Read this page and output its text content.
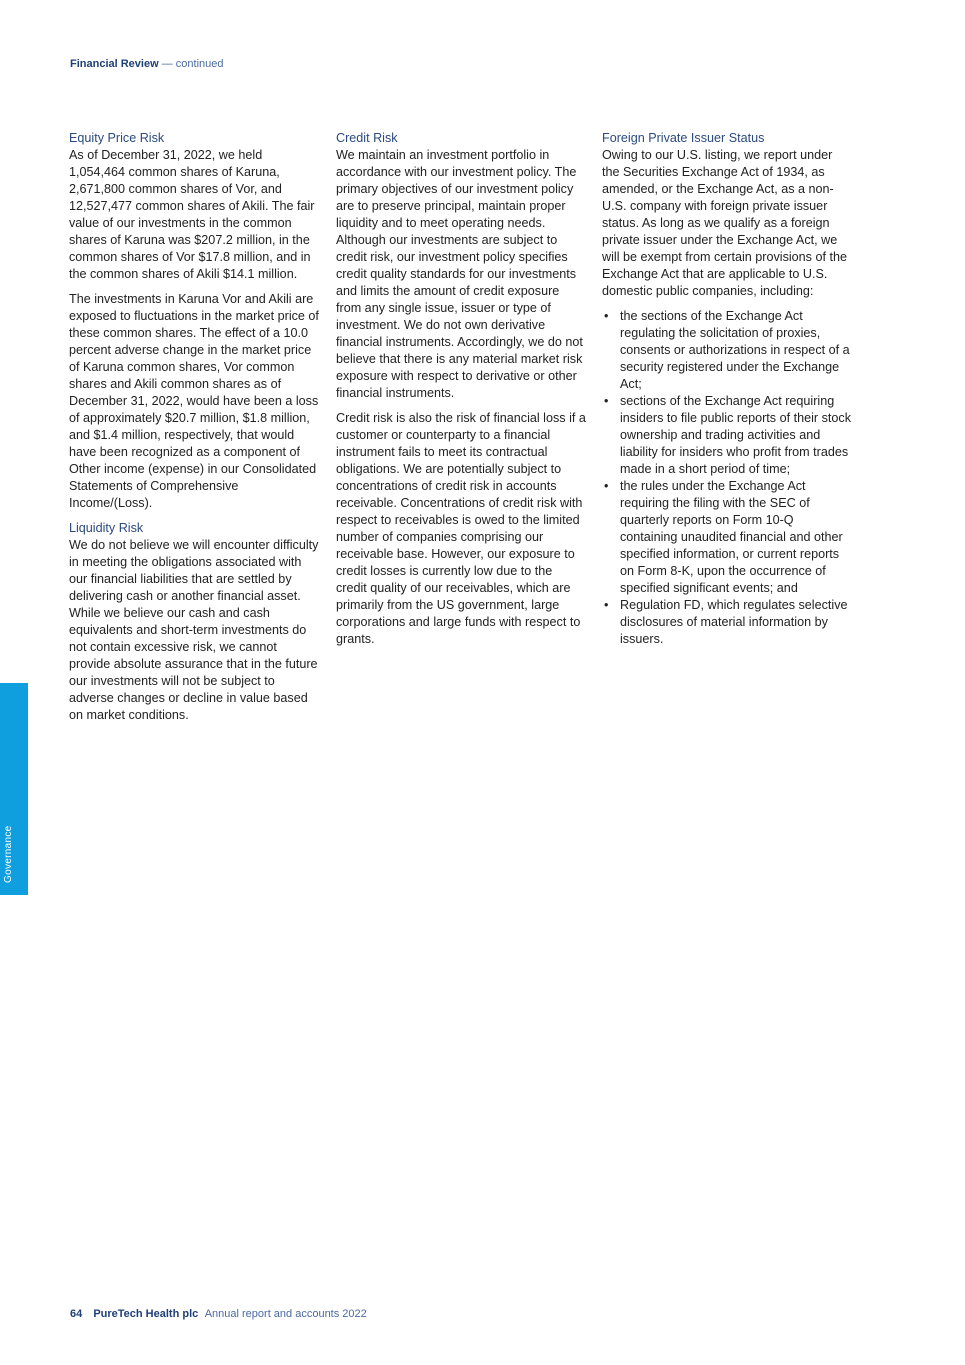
Financial Review — continued
Equity Price Risk

As of December 31, 2022, we held 1,054,464 common shares of Karuna, 2,671,800 common shares of Vor, and 12,527,477 common shares of Akili. The fair value of our investments in the common shares of Karuna was $207.2 million, in the common shares of Vor $17.8 million, and in the common shares of Akili $14.1 million.

The investments in Karuna Vor and Akili are exposed to fluctuations in the market price of these common shares. The effect of a 10.0 percent adverse change in the market price of Karuna common shares, Vor common shares and Akili common shares as of December 31, 2022, would have been a loss of approximately $20.7 million, $1.8 million, and $1.4 million, respectively, that would have been recognized as a component of Other income (expense) in our Consolidated Statements of Comprehensive Income/(Loss).

Liquidity Risk

We do not believe we will encounter difficulty in meeting the obligations associated with our financial liabilities that are settled by delivering cash or another financial asset. While we believe our cash and cash equivalents and short-term investments do not contain excessive risk, we cannot provide absolute assurance that in the future our investments will not be subject to adverse changes or decline in value based on market conditions.

Credit Risk

We maintain an investment portfolio in accordance with our investment policy. The primary objectives of our investment policy are to preserve principal, maintain proper liquidity and to meet operating needs. Although our investments are subject to credit risk, our investment policy specifies credit quality standards for our investments and limits the amount of credit exposure from any single issue, issuer or type of investment. We do not own derivative financial instruments. Accordingly, we do not believe that there is any material market risk exposure with respect to derivative or other financial instruments.

Credit risk is also the risk of financial loss if a customer or counterparty to a financial instrument fails to meet its contractual obligations. We are potentially subject to concentrations of credit risk in accounts receivable. Concentrations of credit risk with respect to receivables is owed to the limited number of companies comprising our receivable base. However, our exposure to credit losses is currently low due to the credit quality of our receivables, which are primarily from the US government, large corporations and large funds with respect to grants.

Foreign Private Issuer Status

Owing to our U.S. listing, we report under the Securities Exchange Act of 1934, as amended, or the Exchange Act, as a non-U.S. company with foreign private issuer status. As long as we qualify as a foreign private issuer under the Exchange Act, we will be exempt from certain provisions of the Exchange Act that are applicable to U.S. domestic public companies, including:

• the sections of the Exchange Act regulating the solicitation of proxies, consents or authorizations in respect of a security registered under the Exchange Act;
• sections of the Exchange Act requiring insiders to file public reports of their stock ownership and trading activities and liability for insiders who profit from trades made in a short period of time;
• the rules under the Exchange Act requiring the filing with the SEC of quarterly reports on Form 10-Q containing unaudited financial and other specified information, or current reports on Form 8-K, upon the occurrence of specified significant events; and
• Regulation FD, which regulates selective disclosures of material information by issuers.
Governance
64 PureTech Health plc Annual report and accounts 2022
